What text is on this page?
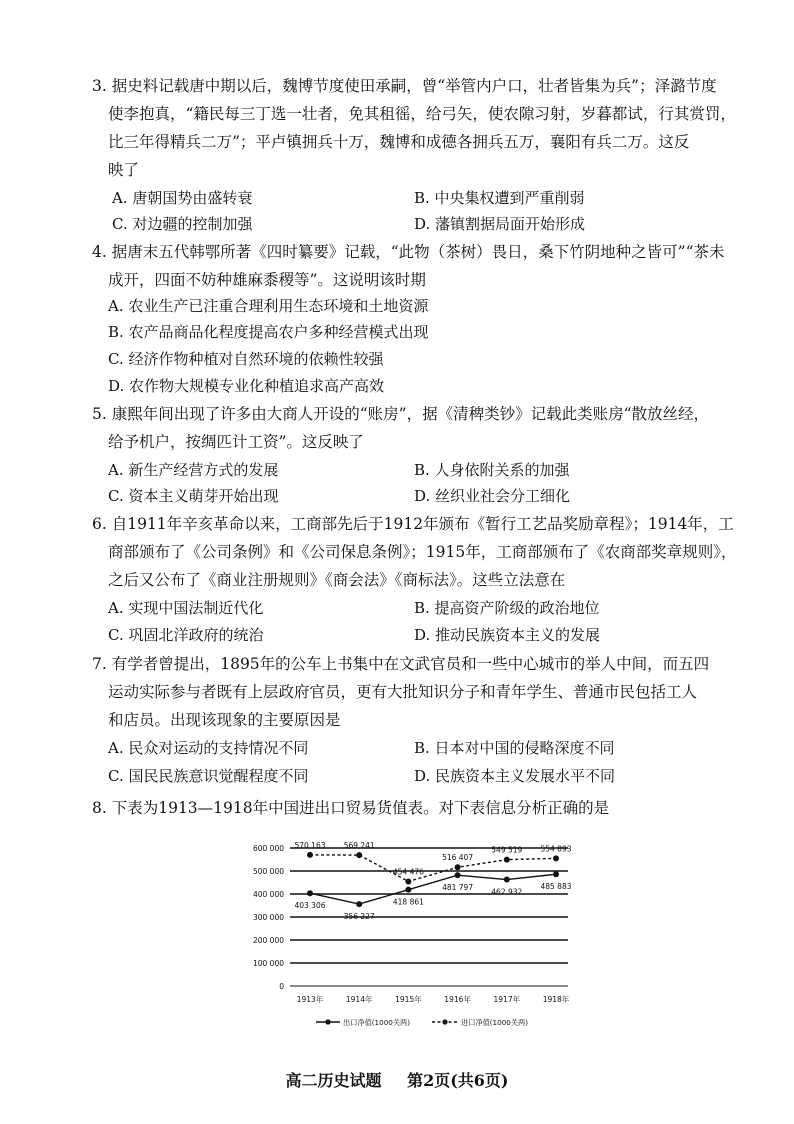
3. 据史料记载唐中期以后，魏博节度使田承嗣，曾“举管内户口，壮者皆集为兵”；泽潞节度
使李抱真，“籍民每三丁选一壮者，免其租徭，给弓矢，使农隙习射，岁暮都试，行其赏罚，
比三年得精兵二万”；平卢镇拥兵十万，魏博和成德各拥兵五万，襄阳有兵二万。这反
映了
A. 唐朝国势由盛转衰	B. 中央集权遭到严重削弱
C. 对边疆的控制加强	D. 藩镇割据局面开始形成
4. 据唐末五代韩鄂所著《四时纂要》记载，“此物（茶树）畏日，桑下竹阴地种之皆可”“茶未
成开，四面不妨种雄麻黍稷等”。这说明该时期
A. 农业生产已注重合理利用生态环境和土地资源
B. 农产品商品化程度提高农户多种经营模式出现
C. 经济作物种植对自然环境的依赖性较强
D. 农作物大规模专业化种植追求高产高效
5. 康熙年间出现了许多由大商人开设的“账房”，据《清稗类钞》记载此类账房“散放丝经，
给予机户，按绸匹计工资”。这反映了
A. 新生产经营方式的发展	B. 人身依附关系的加强
C. 资本主义萌芽开始出现	D. 丝织业社会分工细化
6. 自1911年辛亥革命以来，工商部先后于1912年颁布《暂行工艺品奖励章程》；1914年，工
商部颁布了《公司条例》和《公司保息条例》；1915年，工商部颁布了《农商部奖章规则》，
之后又公布了《商业注册规则》《商会法》《商标法》。这些立法意在
A. 实现中国法制近代化	B. 提高资产阶级的政治地位
C. 巩固北洋政府的统治	D. 推动民族资本主义的发展
7. 有学者曾提出，1895年的公车上书集中在文武官员和一些中心城市的举人中间，而五四
运动实际参与者既有上层政府官员，更有大批知识分子和青年学生、普通市民包括工人
和店员。出现该现象的主要原因是
A. 民众对运动的支持情况不同	B. 日本对中国的侵略深度不同
C. 国民民族意识觉醒程度不同	D. 民族资本主义发展水平不同
8. 下表为1913—1918年中国进出口贸易货值表。对下表信息分析正确的是
0
100 000
200 000
300 000
400 000
500 000
600 000
1913年	1914年	1915年	1916年	1917年	1918年
403 306
356 227
418 861
481 797 462 932
485 883
570 163 569 241
454 476
516 407
549 519 554 893
出口净值(1000关两)	进口净值(1000关两)
高二历史试题 第2页(共6页)
